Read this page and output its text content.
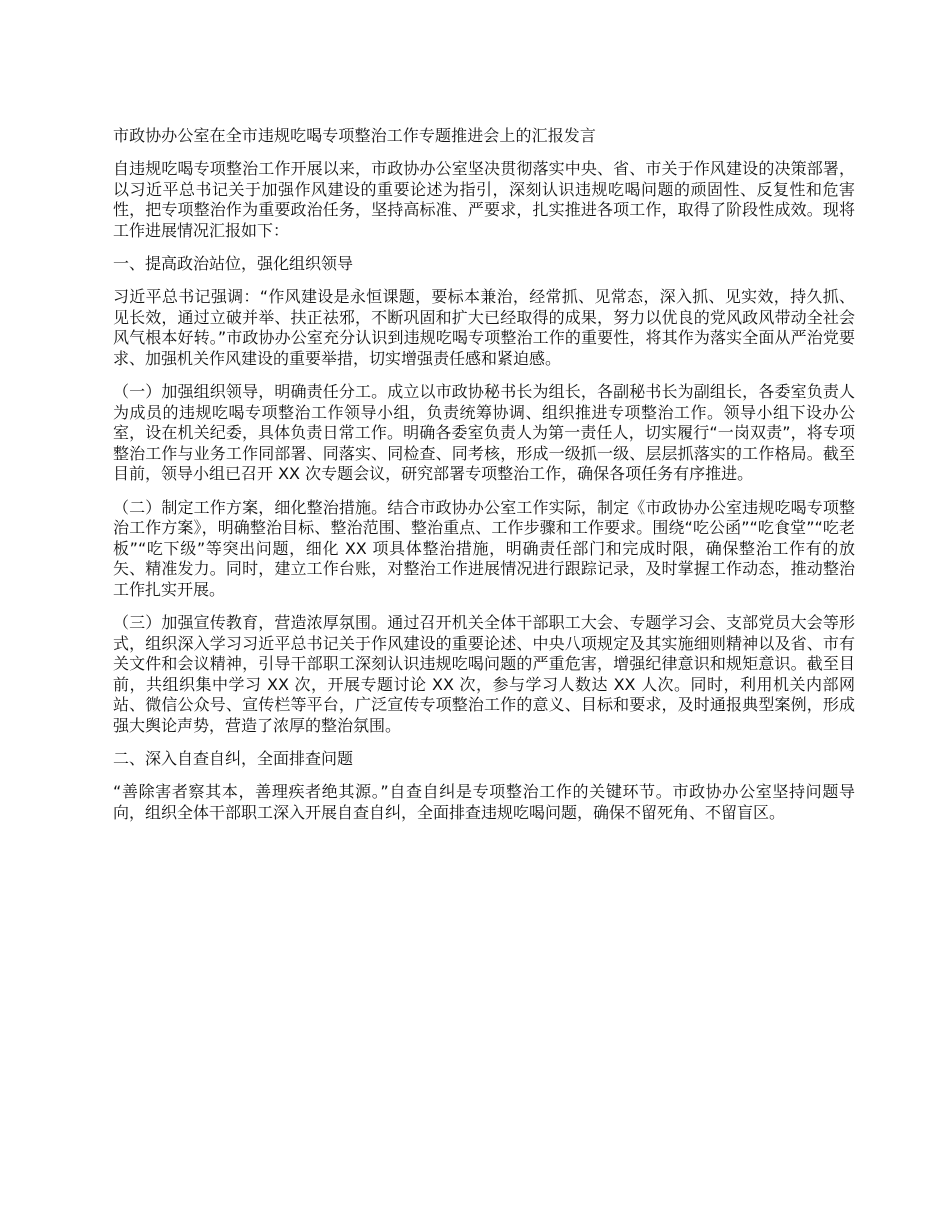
市政协办公室在全市违规吃喝专项整治工作专题推进会上的汇报发言
自违规吃喝专项整治工作开展以来，市政协办公室坚决贯彻落实中央、省、市关于作风建设的决策部署，以习近平总书记关于加强作风建设的重要论述为指引，深刻认识违规吃喝问题的顽固性、反复性和危害性，把专项整治作为重要政治任务，坚持高标准、严要求，扎实推进各项工作，取得了阶段性成效。现将工作进展情况汇报如下：
一、提高政治站位，强化组织领导
习近平总书记强调：“作风建设是永恒课题，要标本兼治，经常抓、见常态，深入抓、见实效，持久抓、见长效，通过立破并举、扶正祛邪，不断巩固和扩大已经取得的成果，努力以优良的党风政风带动全社会风气根本好转。”市政协办公室充分认识到违规吃喝专项整治工作的重要性，将其作为落实全面从严治党要求、加强机关作风建设的重要举措，切实增强责任感和紧迫感。
（一）加强组织领导，明确责任分工。成立以市政协秘书长为组长，各副秘书长为副组长，各委室负责人为成员的违规吃喝专项整治工作领导小组，负责统筹协调、组织推进专项整治工作。领导小组下设办公室，设在机关纪委，具体负责日常工作。明确各委室负责人为第一责任人，切实履行“一岗双责”，将专项整治工作与业务工作同部署、同落实、同检查、同考核，形成一级抓一级、层层抓落实的工作格局。截至目前，领导小组已召开 XX 次专题会议，研究部署专项整治工作，确保各项任务有序推进。
（二）制定工作方案，细化整治措施。结合市政协办公室工作实际，制定《市政协办公室违规吃喝专项整治工作方案》，明确整治目标、整治范围、整治重点、工作步骤和工作要求。围绕“吃公函”“吃食堂”“吃老板”“吃下级”等突出问题，细化 XX 项具体整治措施，明确责任部门和完成时限，确保整治工作有的放矢、精准发力。同时，建立工作台账，对整治工作进展情况进行跟踪记录，及时掌握工作动态，推动整治工作扎实开展。
（三）加强宣传教育，营造浓厚氛围。通过召开机关全体干部职工大会、专题学习会、支部党员大会等形式，组织深入学习习近平总书记关于作风建设的重要论述、中央八项规定及其实施细则精神以及省、市有关文件和会议精神，引导干部职工深刻认识违规吃喝问题的严重危害，增强纪律意识和规矩意识。截至目前，共组织集中学习 XX 次，开展专题讨论 XX 次，参与学习人数达 XX 人次。同时，利用机关内部网站、微信公众号、宣传栏等平台，广泛宣传专项整治工作的意义、目标和要求，及时通报典型案例，形成强大舆论声势，营造了浓厚的整治氛围。
二、深入自查自纠，全面排查问题
“善除害者察其本，善理疾者绝其源。”自查自纠是专项整治工作的关键环节。市政协办公室坚持问题导向，组织全体干部职工深入开展自查自纠，全面排查违规吃喝问题，确保不留死角、不留盲区。
